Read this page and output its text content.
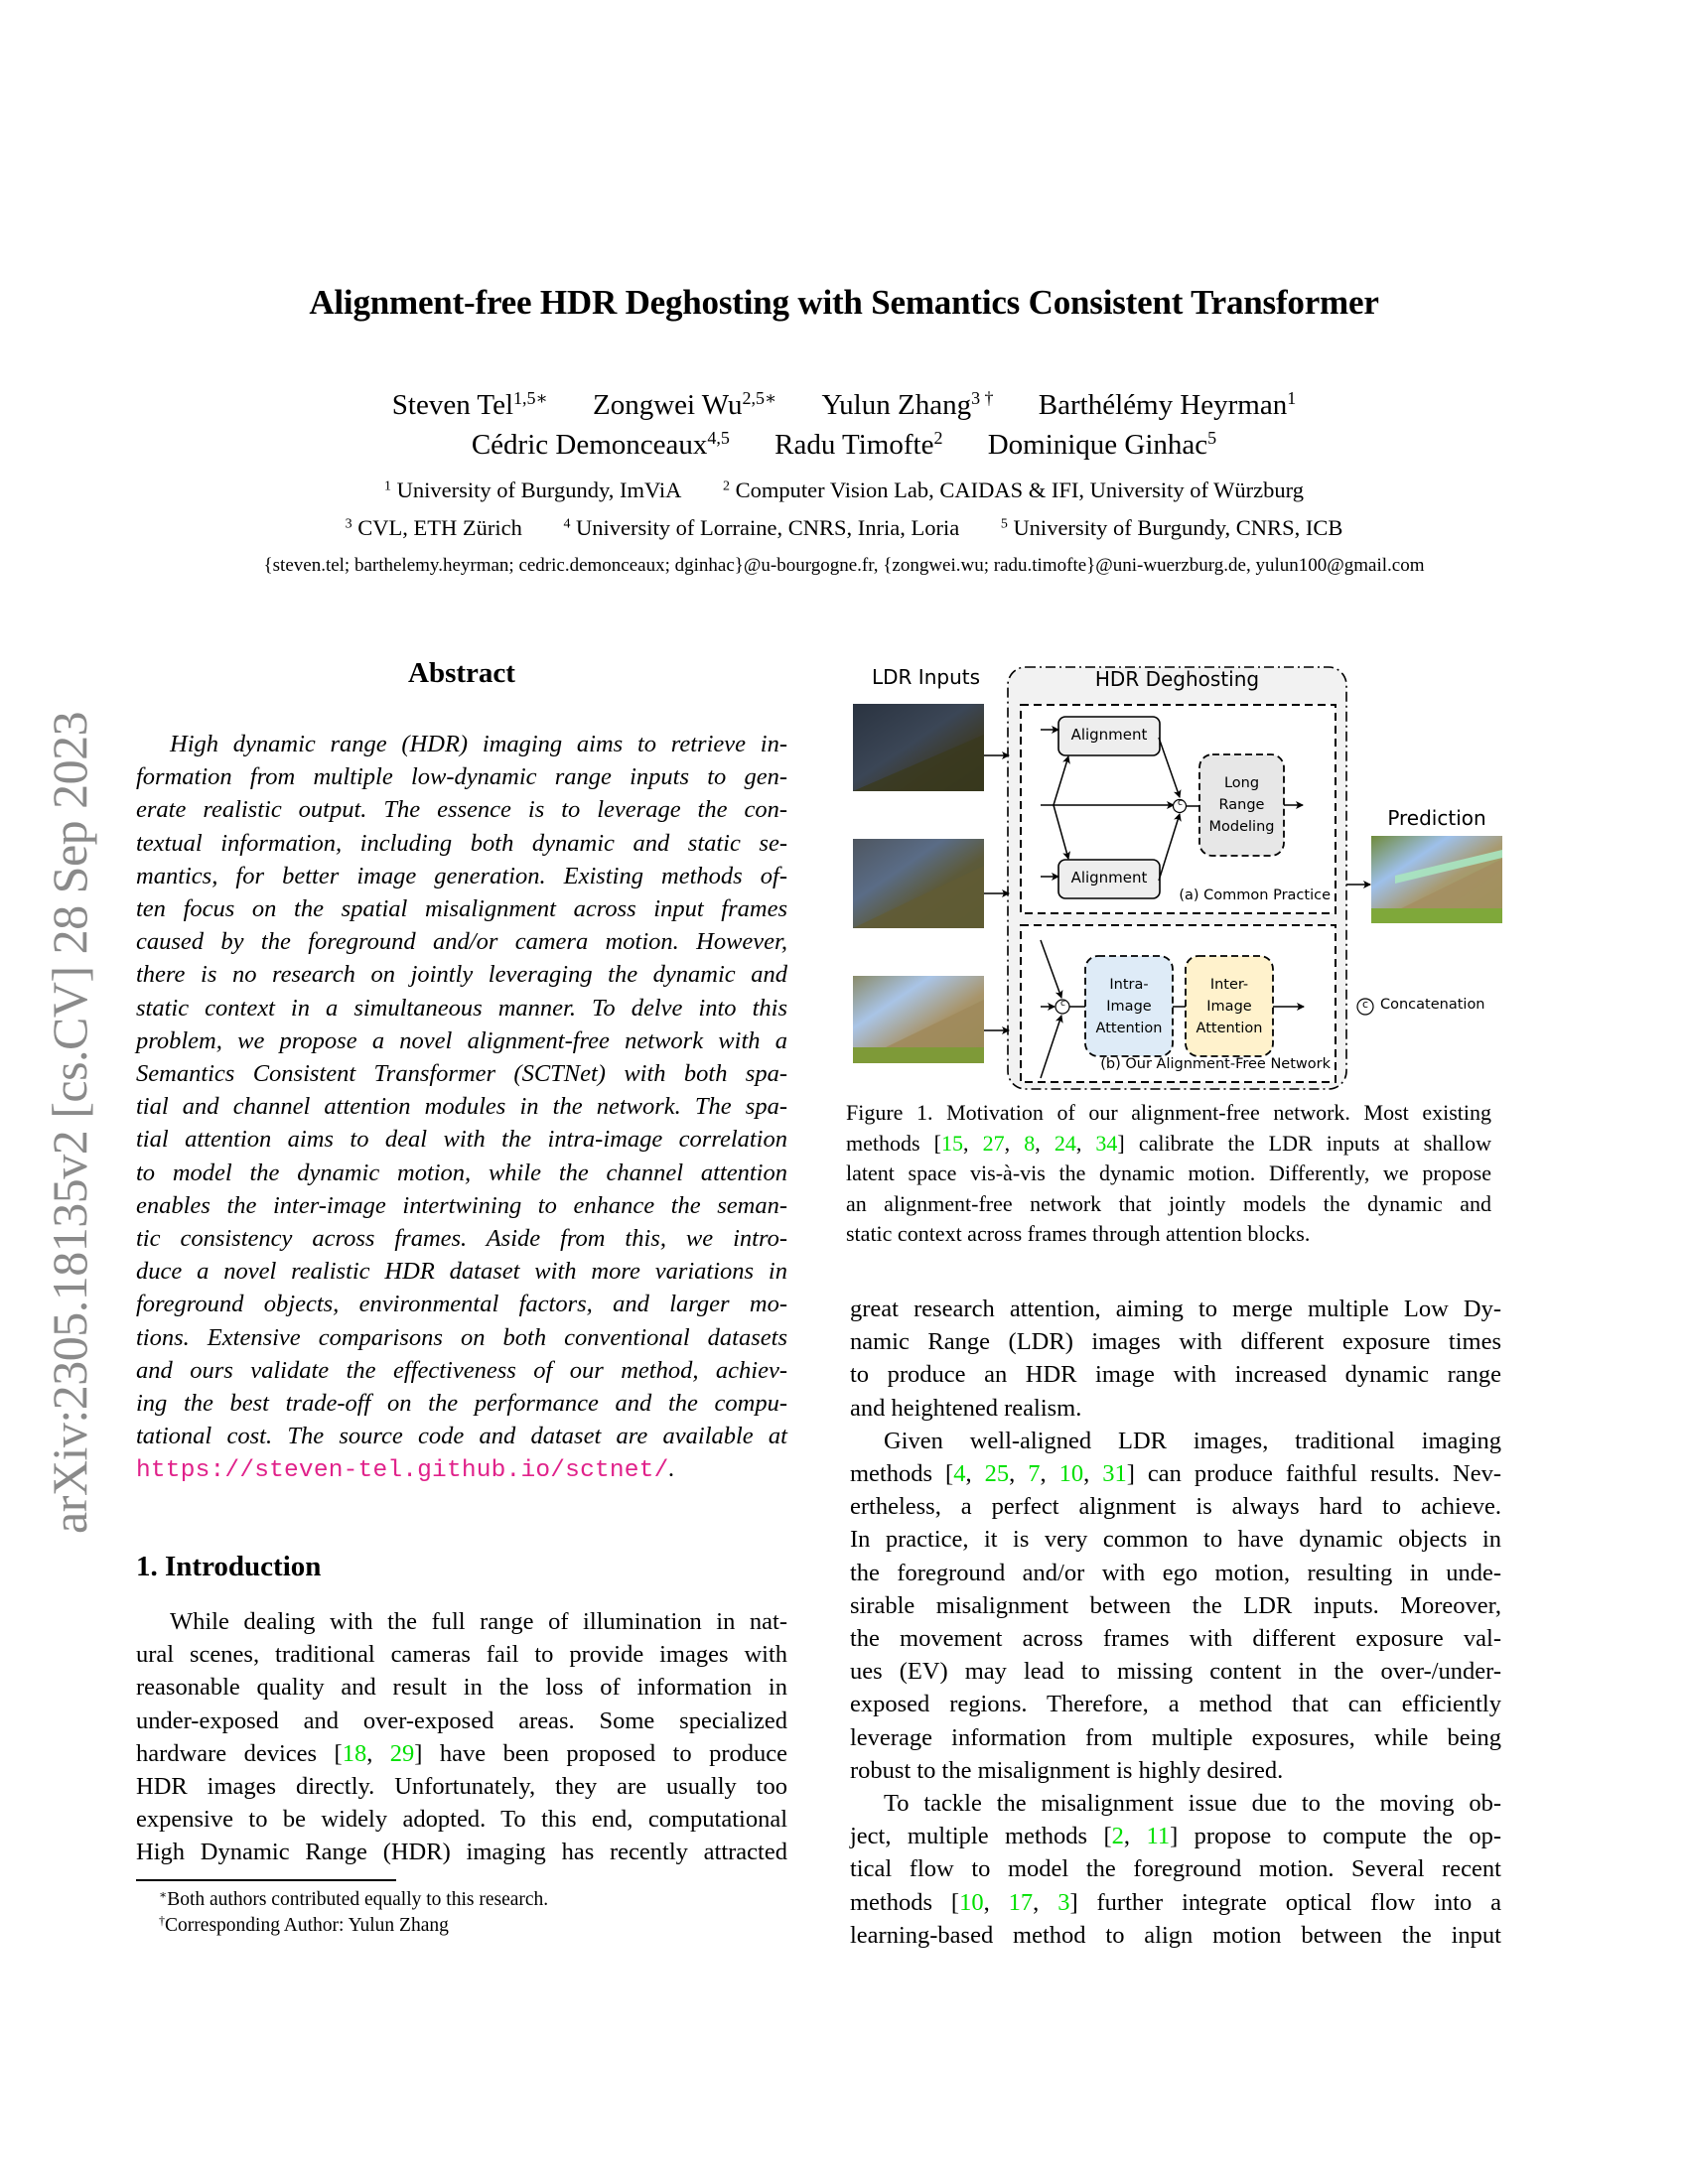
Alignment-free HDR Deghosting with Semantics Consistent Transformer
Steven Tel$^{1,5∗}$ Zongwei $Wu^{2,5∗}$ Yulun Zhang$^{3 \dagger}$ Barthélémy Heyrman$^1$
Cédric Demonceaux$^{4,5}$ Radu Timofte$^2$ Dominique Ginhac$^5$
$^1$ University of Burgundy, ImViA	$^2$ Computer Vision Lab, CAIDAS & IFI, University of Würzburg
$^3$ CVL, ETH Zürich	$^4$ University of Lorraine, CNRS, Inria, Loria	$^5$ University of Burgundy, CNRS, ICB
{steven.tel; barthelemy.heyrman; cedric.demonceaux; dginhac}@u-bourgogne.fr, {zongwei.wu; radu.timofte}@uni-wuerzburg.de, yulun100@gmail.com
arXiv:2305.18135v2 [cs.CV] 28 Sep 2023
Abstract
High dynamic range (HDR) imaging aims to retrieve in-
formation from multiple low-dynamic range inputs to gen-
erate realistic output. The essence is to leverage the con-
textual information, including both dynamic and static se-
mantics, for better image generation. Existing methods of-
ten focus on the spatial misalignment across input frames
caused by the foreground and/or camera motion. However,
there is no research on jointly leveraging the dynamic and
static context in a simultaneous manner. To delve into this
problem, we propose a novel alignment-free network with a
Semantics Consistent Transformer (SCTNet) with both spa-
tial and channel attention modules in the network. The spa-
tial attention aims to deal with the intra-image correlation
to model the dynamic motion, while the channel attention
enables the inter-image intertwining to enhance the seman-
tic consistency across frames. Aside from this, we intro-
duce a novel realistic HDR dataset with more variations in
foreground objects, environmental factors, and larger mo-
tions. Extensive comparisons on both conventional datasets
and ours validate the effectiveness of our method, achiev-
ing the best trade-off on the performance and the compu-
tational cost. The source code and dataset are available at
https://steven-tel.github.io/sctnet/.
1. Introduction
While dealing with the full range of illumination in nat-
ural scenes, traditional cameras fail to provide images with
reasonable quality and result in the loss of information in
under-exposed and over-exposed areas. Some specialized
hardware devices [18, 29] have been proposed to produce
HDR images directly. Unfortunately, they are usually too
expensive to be widely adopted. To this end, computational
High Dynamic Range (HDR) imaging has recently attracted
∗Both authors contributed equally to this research.
†Corresponding Author: Yulun Zhang
LDR Inputs	HDR Deghosting
Prediction
Alignment
Alignment
Long
Range
Modeling
c
(a) Common Practice
Intra-
Image
Attention
Inter-
Image
Attention
c
(b) Our Alignment-Free Network
c Concatenation
Figure 1. Motivation of our alignment-free network. Most existing
methods [15, 27, 8, 24, 34] calibrate the LDR inputs at shallow
latent space vis-à-vis the dynamic motion. Differently, we propose
an alignment-free network that jointly models the dynamic and
static context across frames through attention blocks.
great research attention, aiming to merge multiple Low Dy-
namic Range (LDR) images with different exposure times
to produce an HDR image with increased dynamic range
and heightened realism.
Given well-aligned LDR images, traditional imaging
methods [4, 25, 7, 10, 31] can produce faithful results. Nev-
ertheless, a perfect alignment is always hard to achieve.
In practice, it is very common to have dynamic objects in
the foreground and/or with ego motion, resulting in unde-
sirable misalignment between the LDR inputs. Moreover,
the movement across frames with different exposure val-
ues (EV) may lead to missing content in the over-/under-
exposed regions. Therefore, a method that can efficiently
leverage information from multiple exposures, while being
robust to the misalignment is highly desired.
To tackle the misalignment issue due to the moving ob-
ject, multiple methods [2, 11] propose to compute the op-
tical flow to model the foreground motion. Several recent
methods [10, 17, 3] further integrate optical flow into a
learning-based method to align motion between the input
